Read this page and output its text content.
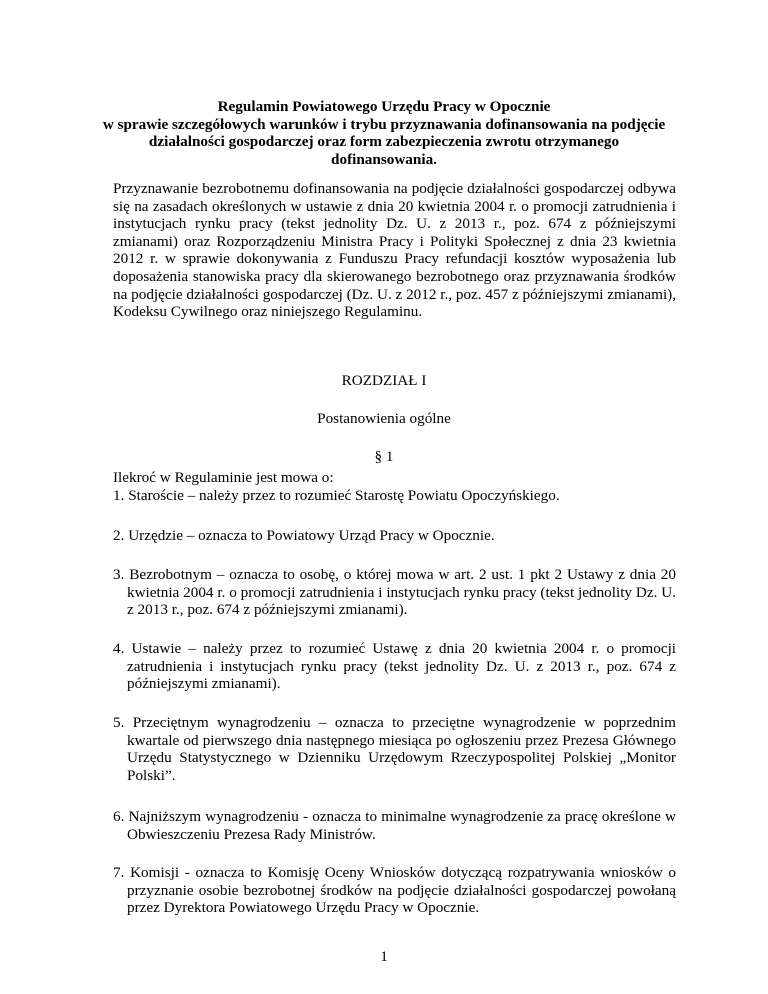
Regulamin Powiatowego Urzędu Pracy w Opocznie
w sprawie szczegółowych warunków i trybu przyznawania dofinansowania na podjęcie
działalności gospodarczej oraz form zabezpieczenia zwrotu otrzymanego
dofinansowania.
Przyznawanie bezrobotnemu dofinansowania na podjęcie działalności gospodarczej odbywa się na zasadach określonych w ustawie z dnia 20 kwietnia 2004 r. o promocji zatrudnienia i instytucjach rynku pracy (tekst jednolity Dz. U. z 2013 r., poz. 674 z późniejszymi zmianami) oraz Rozporządzeniu Ministra Pracy i Polityki Społecznej z dnia 23 kwietnia 2012 r. w sprawie dokonywania z Funduszu Pracy refundacji kosztów wyposażenia lub doposażenia stanowiska pracy dla skierowanego bezrobotnego oraz przyznawania środków na podjęcie działalności gospodarczej (Dz. U. z 2012 r., poz. 457 z późniejszymi zmianami), Kodeksu Cywilnego oraz niniejszego Regulaminu.
ROZDZIAŁ I
Postanowienia ogólne
§ 1
Ilekroć w Regulaminie jest mowa o:
1. Staroście – należy przez to rozumieć Starostę Powiatu Opoczyńskiego.
2. Urzędzie – oznacza to Powiatowy Urząd Pracy w Opocznie.
3. Bezrobotnym – oznacza to osobę, o której mowa w art. 2 ust. 1 pkt 2 Ustawy z dnia 20 kwietnia 2004 r. o promocji zatrudnienia i instytucjach rynku pracy (tekst jednolity Dz. U. z 2013 r., poz. 674 z późniejszymi zmianami).
4. Ustawie – należy przez to rozumieć Ustawę z dnia 20 kwietnia 2004 r. o promocji zatrudnienia i instytucjach rynku pracy (tekst jednolity Dz. U. z 2013 r., poz. 674 z późniejszymi zmianami).
5. Przeciętnym wynagrodzeniu – oznacza to przeciętne wynagrodzenie w poprzednim kwartale od pierwszego dnia następnego miesiąca po ogłoszeniu przez Prezesa Głównego Urzędu Statystycznego w Dzienniku Urzędowym Rzeczypospolitej Polskiej „Monitor Polski”.
6. Najniższym wynagrodzeniu - oznacza to minimalne wynagrodzenie za pracę określone w Obwieszczeniu Prezesa Rady Ministrów.
7. Komisji - oznacza to Komisję Oceny Wniosków dotyczącą rozpatrywania wniosków o przyznanie osobie bezrobotnej środków na podjęcie działalności gospodarczej powołaną przez Dyrektora Powiatowego Urzędu Pracy w Opocznie.
1
